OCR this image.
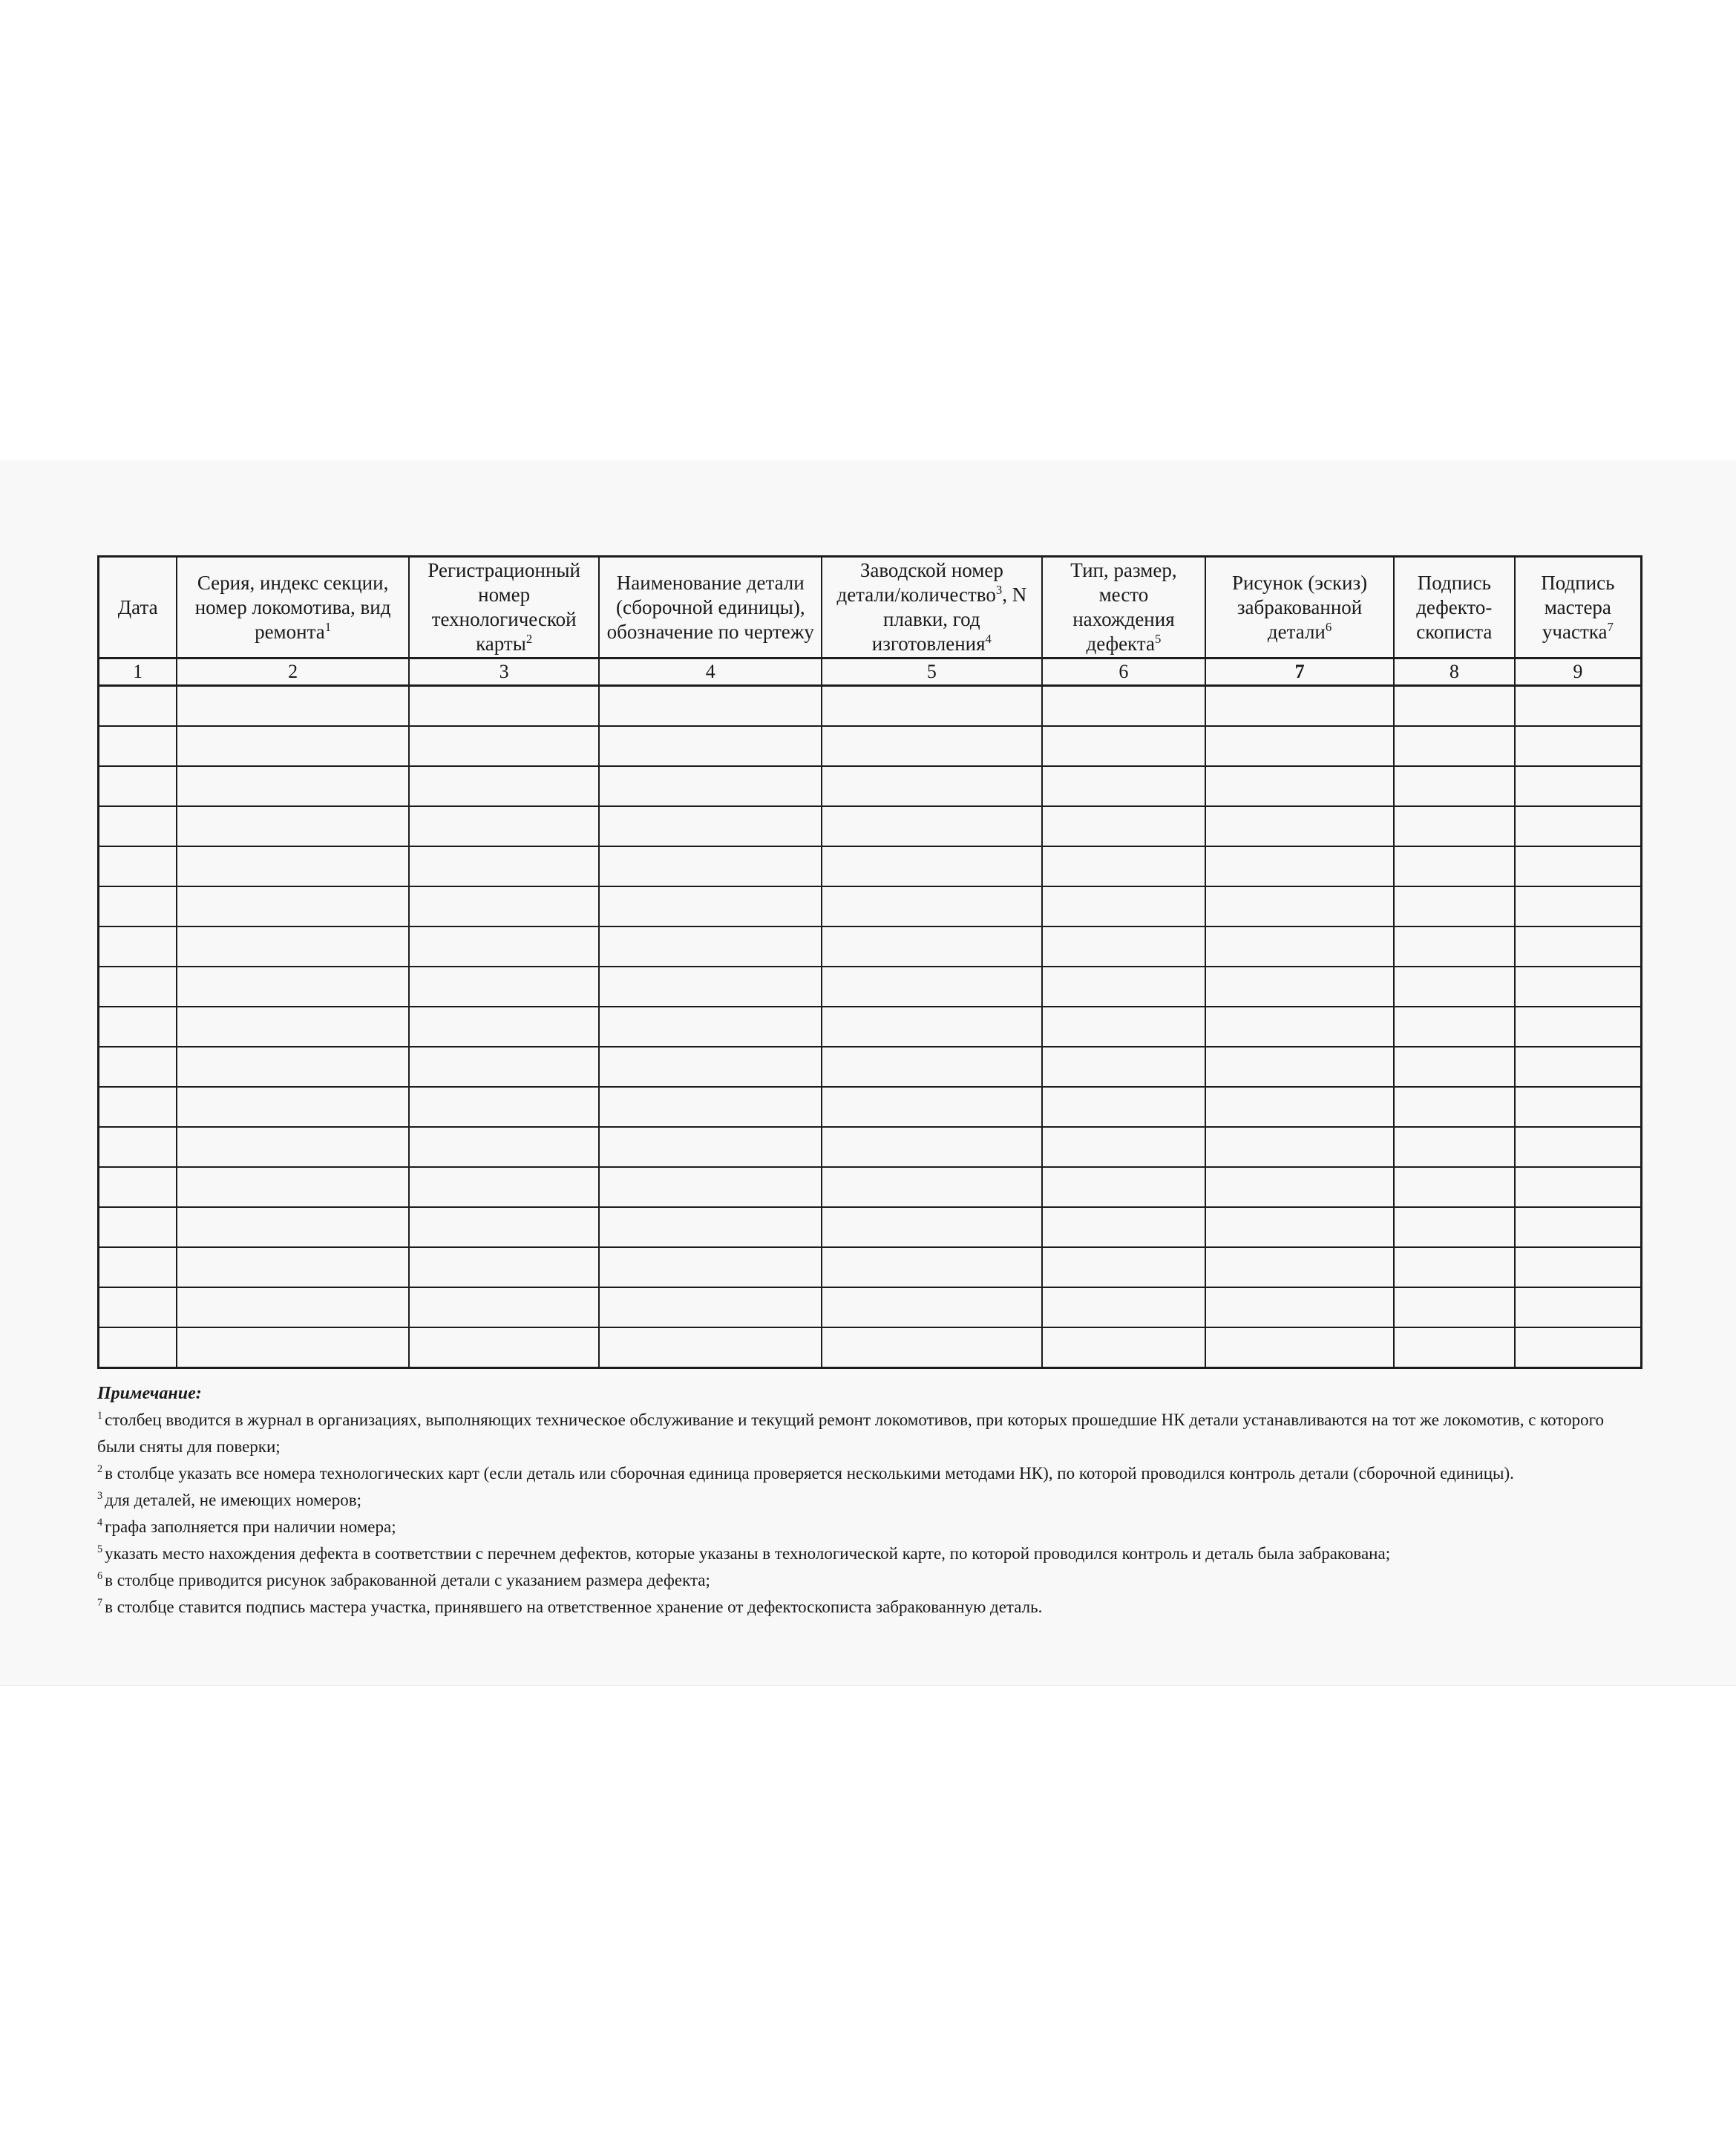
Дата	Серия, индекс секции, номер локомотива, вид ремонта$^1$	Регистрационный номер технологической карты$^2$	Наименование детали (сборочной единицы), обозначение по чертежу	Заводской номер детали/количество$^3$, N плавки, год изготовления$^4$	Тип, размер, место нахождения дефекта$^5$	Рисунок (эскиз) забракованной детали$^6$	Подпись дефекто-скописта	Подпись мастера участка$^7$
1	2	3	4	5	6	7	8	9

Примечание:
$^1$ столбец вводится в журнал в организациях, выполняющих техническое обслуживание и текущий ремонт локомотивов, при которых прошедшие НК детали устанавливаются на тот же локомотив, с которого были сняты для поверки;
$^2$ в столбце указать все номера технологических карт (если деталь или сборочная единица проверяется несколькими методами НК), по которой проводился контроль детали (сборочной единицы).
$^3$ для деталей, не имеющих номеров;
$^4$ графа заполняется при наличии номера;
$^5$ указать место нахождения дефекта в соответствии с перечнем дефектов, которые указаны в технологической карте, по которой проводился контроль и деталь была забракована;
$^6$ в столбце приводится рисунок забракованной детали с указанием размера дефекта;
$^7$ в столбце ставится подпись мастера участка, принявшего на ответственное хранение от дефектоскописта забракованную деталь.
